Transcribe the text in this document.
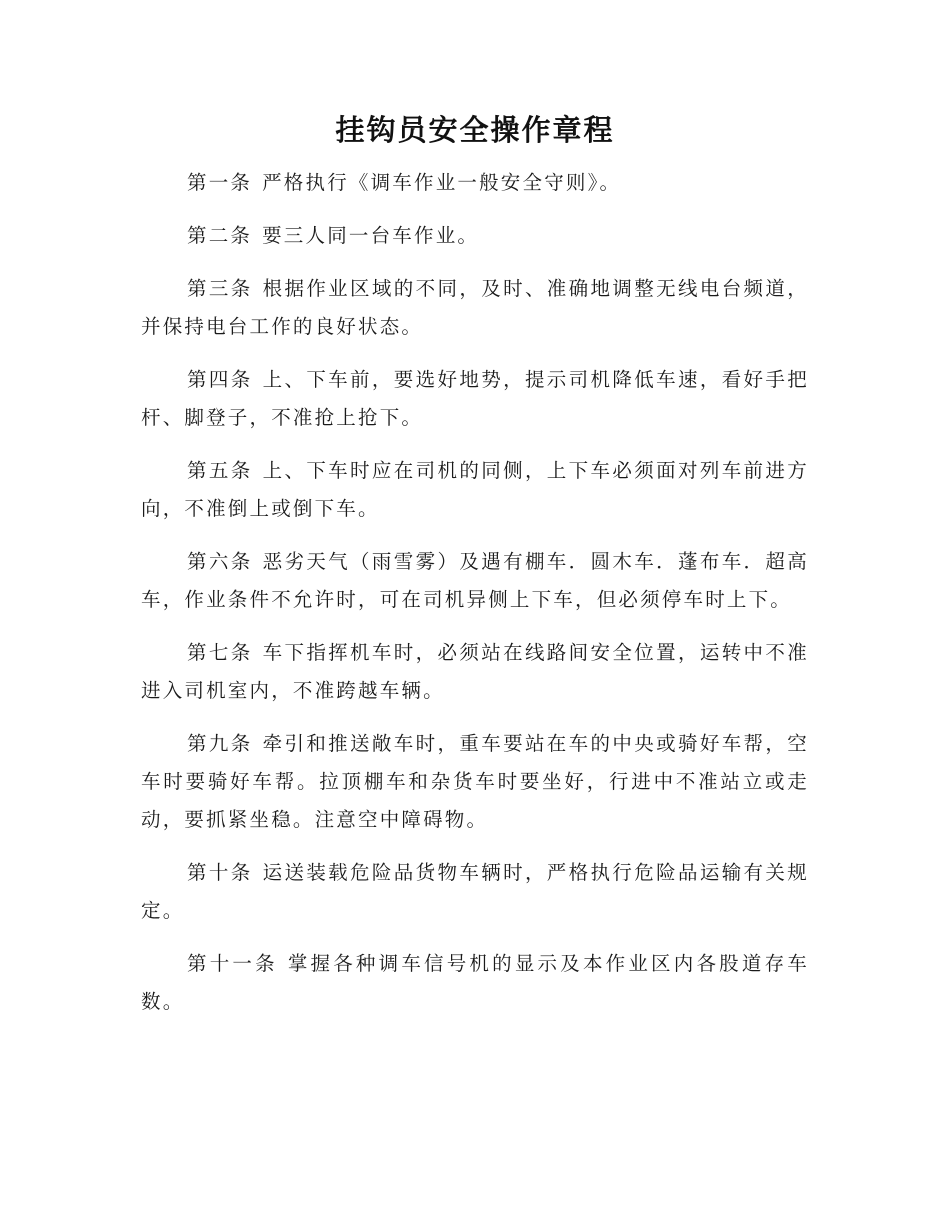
挂钩员安全操作章程

第一条 严格执行《调车作业一般安全守则》。

第二条 要三人同一台车作业。

第三条 根据作业区域的不同，及时、准确地调整无线电台频道，并保持电台工作的良好状态。

第四条 上、下车前，要选好地势，提示司机降低车速，看好手把杆、脚登子，不准抢上抢下。

第五条 上、下车时应在司机的同侧，上下车必须面对列车前进方向，不准倒上或倒下车。

第六条 恶劣天气（雨雪雾）及遇有棚车．圆木车．蓬布车．超高车，作业条件不允许时，可在司机异侧上下车，但必须停车时上下。

第七条 车下指挥机车时，必须站在线路间安全位置，运转中不准进入司机室内，不准跨越车辆。

第九条 牵引和推送敞车时，重车要站在车的中央或骑好车帮，空车时要骑好车帮。拉顶棚车和杂货车时要坐好，行进中不准站立或走动，要抓紧坐稳。注意空中障碍物。

第十条 运送装载危险品货物车辆时，严格执行危险品运输有关规定。

第十一条 掌握各种调车信号机的显示及本作业区内各股道存车数。
